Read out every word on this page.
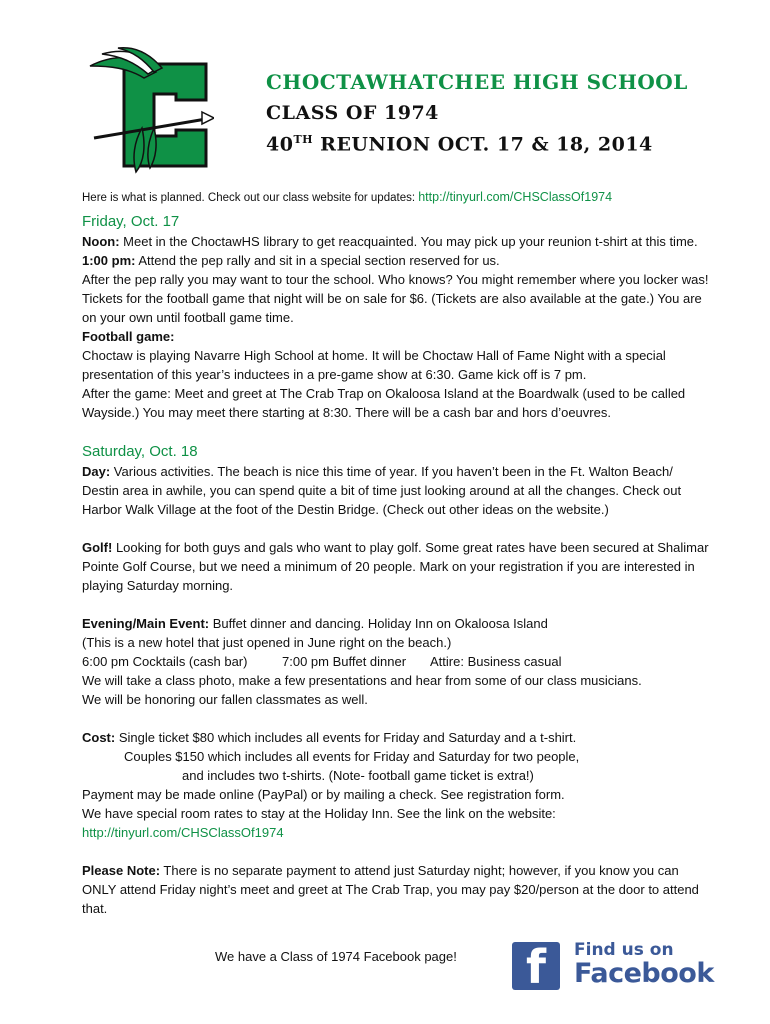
CHOCTAWHATCHEE HIGH SCHOOL
CLASS OF 1974
40TH REUNION OCT. 17 & 18, 2014

Here is what is planned. Check out our class website for updates: http://tinyurl.com/CHSClassOf1974

Friday, Oct. 17

Noon: Meet in the ChoctawHS library to get reacquainted. You may pick up your reunion t-shirt at this time.

1:00 pm: Attend the pep rally and sit in a special section reserved for us.

After the pep rally you may want to tour the school. Who knows? You might remember where you locker was! Tickets for the football game that night will be on sale for $6. (Tickets are also available at the gate.) You are on your own until football game time.

Football game:

Choctaw is playing Navarre High School at home. It will be Choctaw Hall of Fame Night with a special presentation of this year’s inductees in a pre-game show at 6:30. Game kick off is 7 pm.

After the game: Meet and greet at The Crab Trap on Okaloosa Island at the Boardwalk (used to be called Wayside.) You may meet there starting at 8:30. There will be a cash bar and hors d’oeuvres.

Saturday, Oct. 18

Day: Various activities. The beach is nice this time of year. If you haven’t been in the Ft. Walton Beach/ Destin area in awhile, you can spend quite a bit of time just looking around at all the changes. Check out Harbor Walk Village at the foot of the Destin Bridge. (Check out other ideas on the website.)

Golf! Looking for both guys and gals who want to play golf. Some great rates have been secured at Shalimar Pointe Golf Course, but we need a minimum of 20 people. Mark on your registration if you are interested in playing Saturday morning.

Evening/Main Event: Buffet dinner and dancing. Holiday Inn on Okaloosa Island

(This is a new hotel that just opened in June right on the beach.)

6:00 pm Cocktails (cash bar)	7:00 pm Buffet dinner Attire: Business casual

We will take a class photo, make a few presentations and hear from some of our class musicians.

We will be honoring our fallen classmates as well.

Cost: Single ticket $80 which includes all events for Friday and Saturday and a t-shirt.

Couples $150 which includes all events for Friday and Saturday for two people,

and includes two t-shirts. (Note- football game ticket is extra!)

Payment may be made online (PayPal) or by mailing a check. See registration form.

We have special room rates to stay at the Holiday Inn. See the link on the website:

http://tinyurl.com/CHSClassOf1974

Please Note: There is no separate payment to attend just Saturday night; however, if you know you can ONLY attend Friday night’s meet and greet at The Crab Trap, you may pay $20/person at the door to attend that.

We have a Class of 1974 Facebook page!	f	Find us on
Facebook
